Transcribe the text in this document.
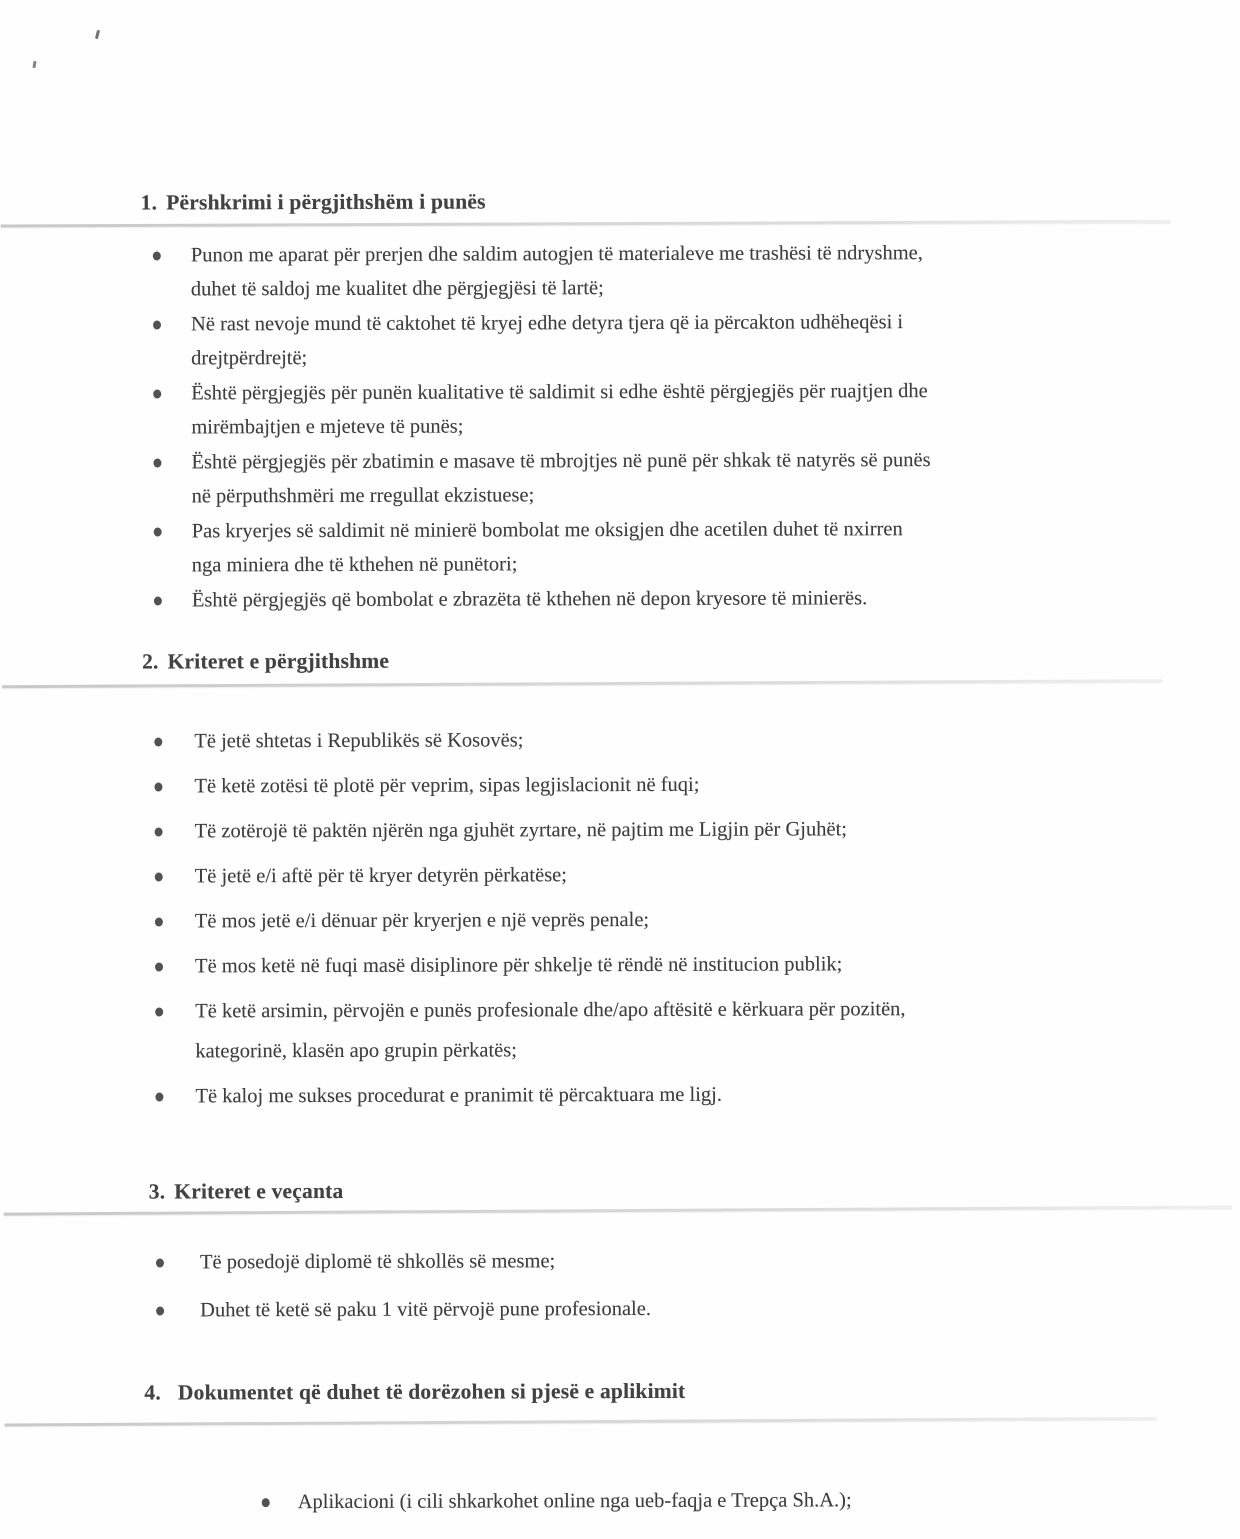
1. Përshkrimi i përgjithshëm i punës
Punon me aparat për prerjen dhe saldim autogjen të materialeve me trashësi të ndryshme,
duhet të saldoj me kualitet dhe përgjegjësi të lartë;
Në rast nevoje mund të caktohet të kryej edhe detyra tjera që ia përcakton udhëheqësi i
drejtpërdrejtë;
Është përgjegjës për punën kualitative të saldimit si edhe është përgjegjës për ruajtjen dhe
mirëmbajtjen e mjeteve të punës;
Është përgjegjës për zbatimin e masave të mbrojtjes në punë për shkak të natyrës së punës
në përputhshmëri me rregullat ekzistuese;
Pas kryerjes së saldimit në minierë bombolat me oksigjen dhe acetilen duhet të nxirren
nga miniera dhe të kthehen në punëtori;
Është përgjegjës që bombolat e zbrazëta të kthehen në depon kryesore të minierës.
2. Kriteret e përgjithshme
Të jetë shtetas i Republikës së Kosovës;
Të ketë zotësi të plotë për veprim, sipas legjislacionit në fuqi;
Të zotërojë të paktën njërën nga gjuhët zyrtare, në pajtim me Ligjin për Gjuhët;
Të jetë e/i aftë për të kryer detyrën përkatëse;
Të mos jetë e/i dënuar për kryerjen e një veprës penale;
Të mos ketë në fuqi masë disiplinore për shkelje të rëndë në institucion publik;
Të ketë arsimin, përvojën e punës profesionale dhe/apo aftësitë e kërkuara për pozitën,
kategorinë, klasën apo grupin përkatës;
Të kaloj me sukses procedurat e pranimit të përcaktuara me ligj.
3. Kriteret e veçanta
Të posedojë diplomë të shkollës së mesme;
Duhet të ketë së paku 1 vitë përvojë pune profesionale.
4. Dokumentet që duhet të dorëzohen si pjesë e aplikimit
Aplikacioni (i cili shkarkohet online nga ueb-faqja e Trepça Sh.A.);
